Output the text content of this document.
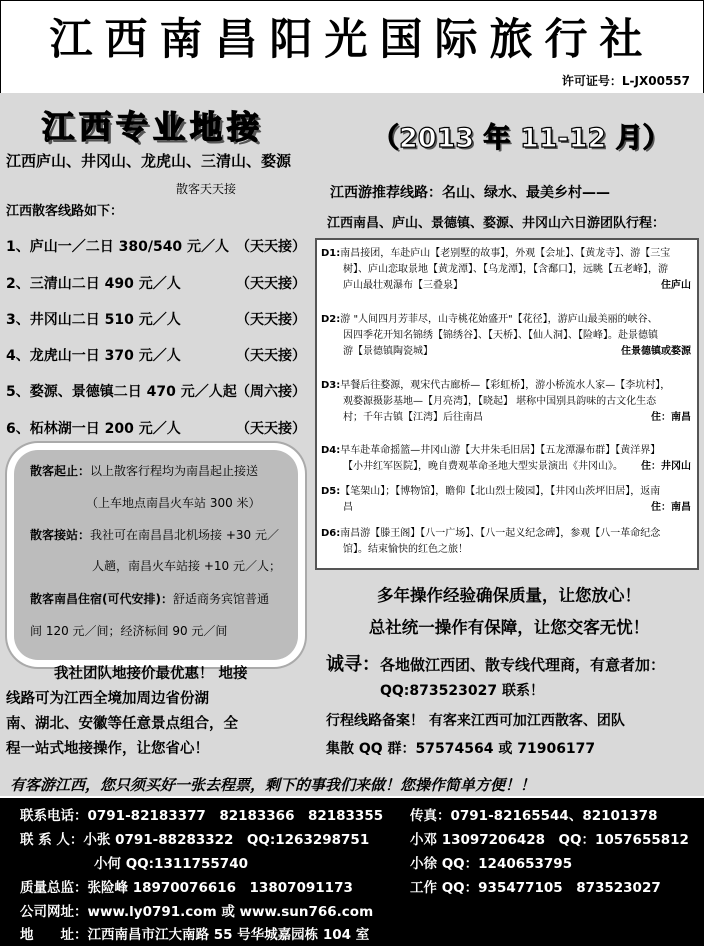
江西南昌阳光国际旅行社
许可证号：L-JX00557
江西专业地接	（2013 年 11-12 月）
江西庐山、井冈山、龙虎山、三清山、婺源
散客天天接
江西散客线路如下：
1、庐山一／二日 380/540 元／人 （天天接）
2、三清山二日 490 元／人	（天天接）
3、井冈山二日 510 元／人	（天天接）
4、龙虎山一日 370 元／人	（天天接）
5、婺源、景德镇二日 470 元／人起 （周六接）
6、柘林湖一日 200 元／人	（天天接）
散客起止：以上散客行程均为南昌起止接送
（上车地点南昌火车站 300 米）
散客接站：我社可在南昌昌北机场接 +30 元／
人趟，南昌火车站接 +10 元／人；
散客南昌住宿(可代安排)：舒适商务宾馆普通
间 120 元／间；经济标间 90 元／间
我社团队地接价最优惠！ 地接
线路可为江西全境加周边省份湖
南、湖北、安徽等任意景点组合，全
程一站式地接操作，让您省心！
江西游推荐线路：名山、绿水、最美乡村——
江西南昌、庐山、景德镇、婺源、井冈山六日游团队行程：
D1:南昌接团，车赴庐山【老别墅的故事】，外观【会址】、【黄龙寺】、游【三宝
树】、庐山恋取景地【黄龙潭】、【乌龙潭】，【含鄱口】，远眺【五老峰】，游
庐山最壮观瀑布【三叠泉】	住庐山
D2:游 "人间四月芳菲尽，山寺桃花始盛开"【花径】，游庐山最美丽的峡谷、
因四季花开知名锦绣【锦绣谷】、【天桥】、【仙人洞】、【险峰】。赴景德镇
游【景德镇陶瓷城】	住景德镇或婺源
D3:早餐后往婺源，观宋代古廊桥—【彩虹桥】，游小桥流水人家—【李坑村】，
观婺源摄影基地—【月亮湾】，【晓起】 堪称中国别具韵味的古文化生态
村；千年古镇【江湾】后往南昌	住：南昌
D4:早车赴革命摇篮—井冈山游【大井朱毛旧居】【五龙潭瀑布群】【黄洋界】
【小井红军医院】，晚自费观革命圣地大型实景演出《井冈山》。	住：井冈山
D5:【笔架山】；【博物馆】，瞻仰【北山烈士陵园】，【井冈山茨坪旧居】，返南
昌	住：南昌
D6:南昌游【滕王阁】【八一广场】、【八一起义纪念碑】，参观【八一革命纪念
馆】。结束愉快的红色之旅！
多年操作经验确保质量，让您放心！
总社统一操作有保障，让您交客无忧！
诚寻：各地做江西团、散专线代理商，有意者加：
QQ:873523027 联系！
行程线路备案！ 有客来江西可加江西散客、团队
集散 QQ 群：57574564 或 71906177
有客游江西，您只须买好一张去程票，剩下的事我们来做！您操作简单方便！！
联系电话：0791-82183377　82183366　82183355 传真：0791-82165544、82101378
联 系 人：小张 0791-88283322　QQ:1263298751	小邓 13097206428　QQ：1057655812
小何 QQ:1311755740	小徐 QQ：1240653795
质量总监：张险峰 18970076616　13807091173	工作 QQ：935477105　873523027
公司网址：www.ly0791.com 或 www.sun766.com
地　　址：江西南昌市江大南路 55 号华城嘉园栋 104 室
